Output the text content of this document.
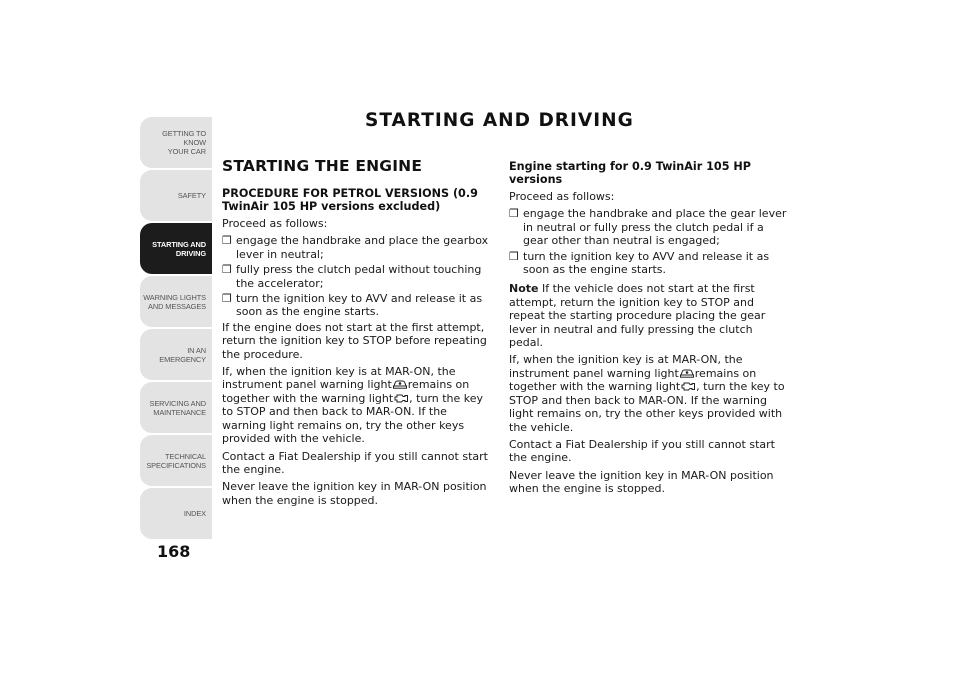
GETTING TO KNOW
YOUR CAR
SAFETY
STARTING AND
DRIVING
WARNING LIGHTS
AND MESSAGES
IN AN EMERGENCY
SERVICING AND
MAINTENANCE
TECHNICAL
SPECIFICATIONS
INDEX
168
STARTING AND DRIVING
STARTING THE ENGINE
PROCEDURE FOR PETROL VERSIONS (0.9 TwinAir 105 HP versions excluded)

Proceed as follows:

❒ engage the handbrake and place the gearbox lever in neutral;
❒ fully press the clutch pedal without touching the accelerator;
❒ turn the ignition key to AVV and release it as soon as the engine starts.

If the engine does not start at the first attempt, return the ignition key to STOP before repeating the procedure.

If, when the ignition key is at MAR-ON, the instrument panel warning light remains on together with the warning light , turn the key to STOP and then back to MAR-ON. If the warning light remains on, try the other keys provided with the vehicle.

Contact a Fiat Dealership if you still cannot start the engine.

Never leave the ignition key in MAR-ON position when the engine is stopped.

Engine starting for 0.9 TwinAir 105 HP versions

Proceed as follows:

❒ engage the handbrake and place the gear lever in neutral or fully press the clutch pedal if a gear other than neutral is engaged;
❒ turn the ignition key to AVV and release it as soon as the engine starts.

Note If the vehicle does not start at the first attempt, return the ignition key to STOP and repeat the starting procedure placing the gear lever in neutral and fully pressing the clutch pedal.

If, when the ignition key is at MAR-ON, the instrument panel warning light remains on together with the warning light , turn the key to STOP and then back to MAR-ON. If the warning light remains on, try the other keys provided with the vehicle.

Contact a Fiat Dealership if you still cannot start the engine.

Never leave the ignition key in MAR-ON position when the engine is stopped.
